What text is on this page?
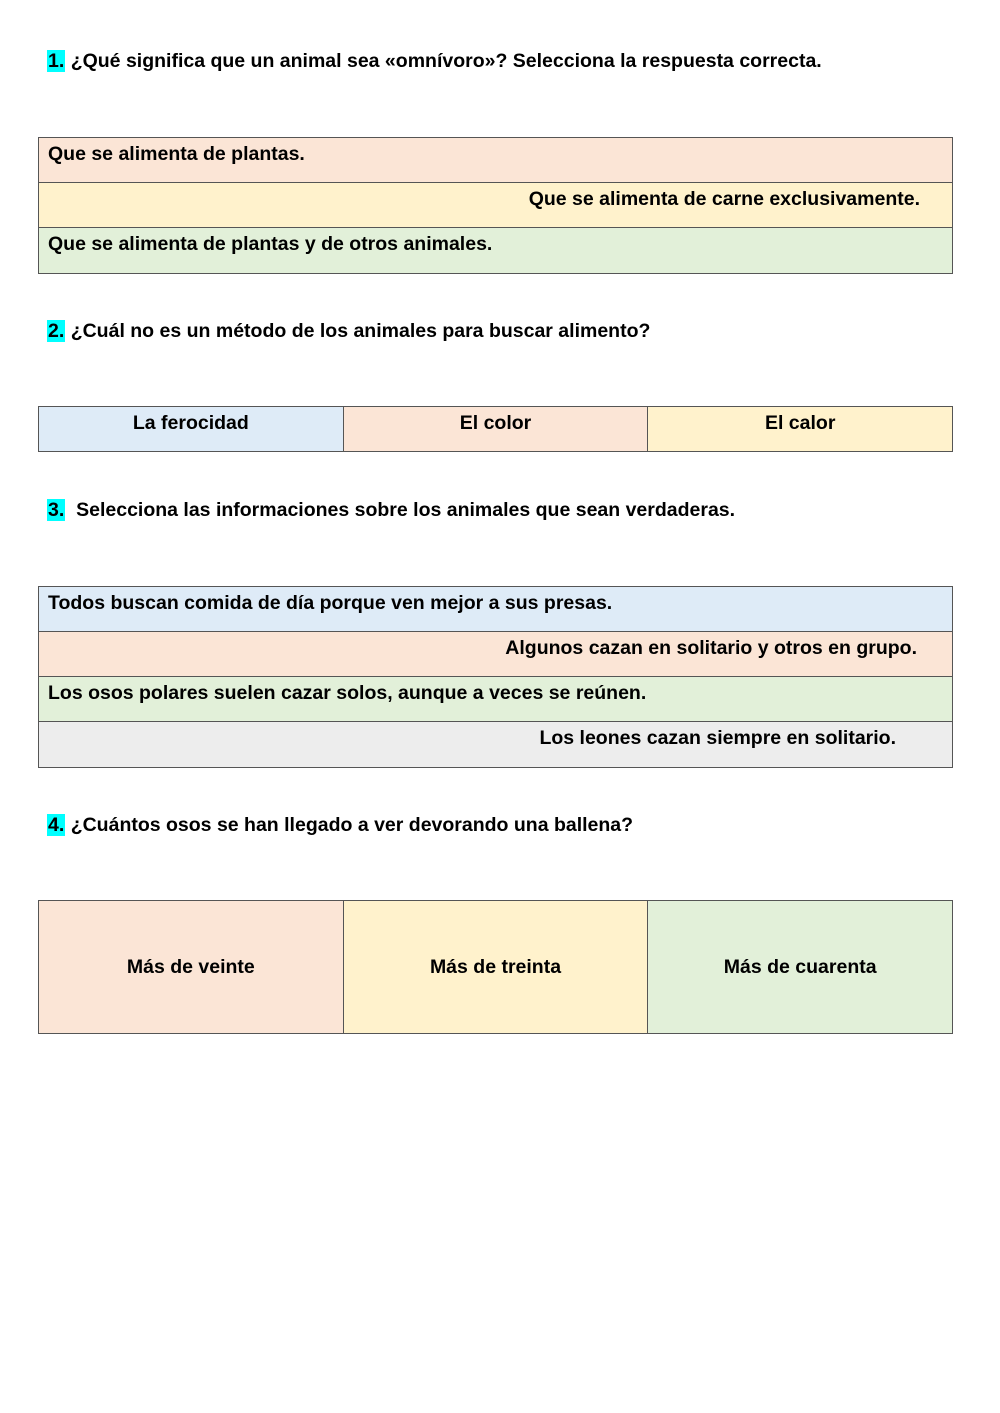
1. ¿Qué significa que un animal sea «omnívoro»? Selecciona la respuesta correcta.
Que se alimenta de plantas.
Que se alimenta de carne exclusivamente.
Que se alimenta de plantas y de otros animales.
2. ¿Cuál no es un método de los animales para buscar alimento?
La ferocidad	El color	El calor
3. Selecciona las informaciones sobre los animales que sean verdaderas.
Todos buscan comida de día porque ven mejor a sus presas.
Algunos cazan en solitario y otros en grupo.
Los osos polares suelen cazar solos, aunque a veces se reúnen.
Los leones cazan siempre en solitario.
4. ¿Cuántos osos se han llegado a ver devorando una ballena?
Más de veinte	Más de treinta	Más de cuarenta
